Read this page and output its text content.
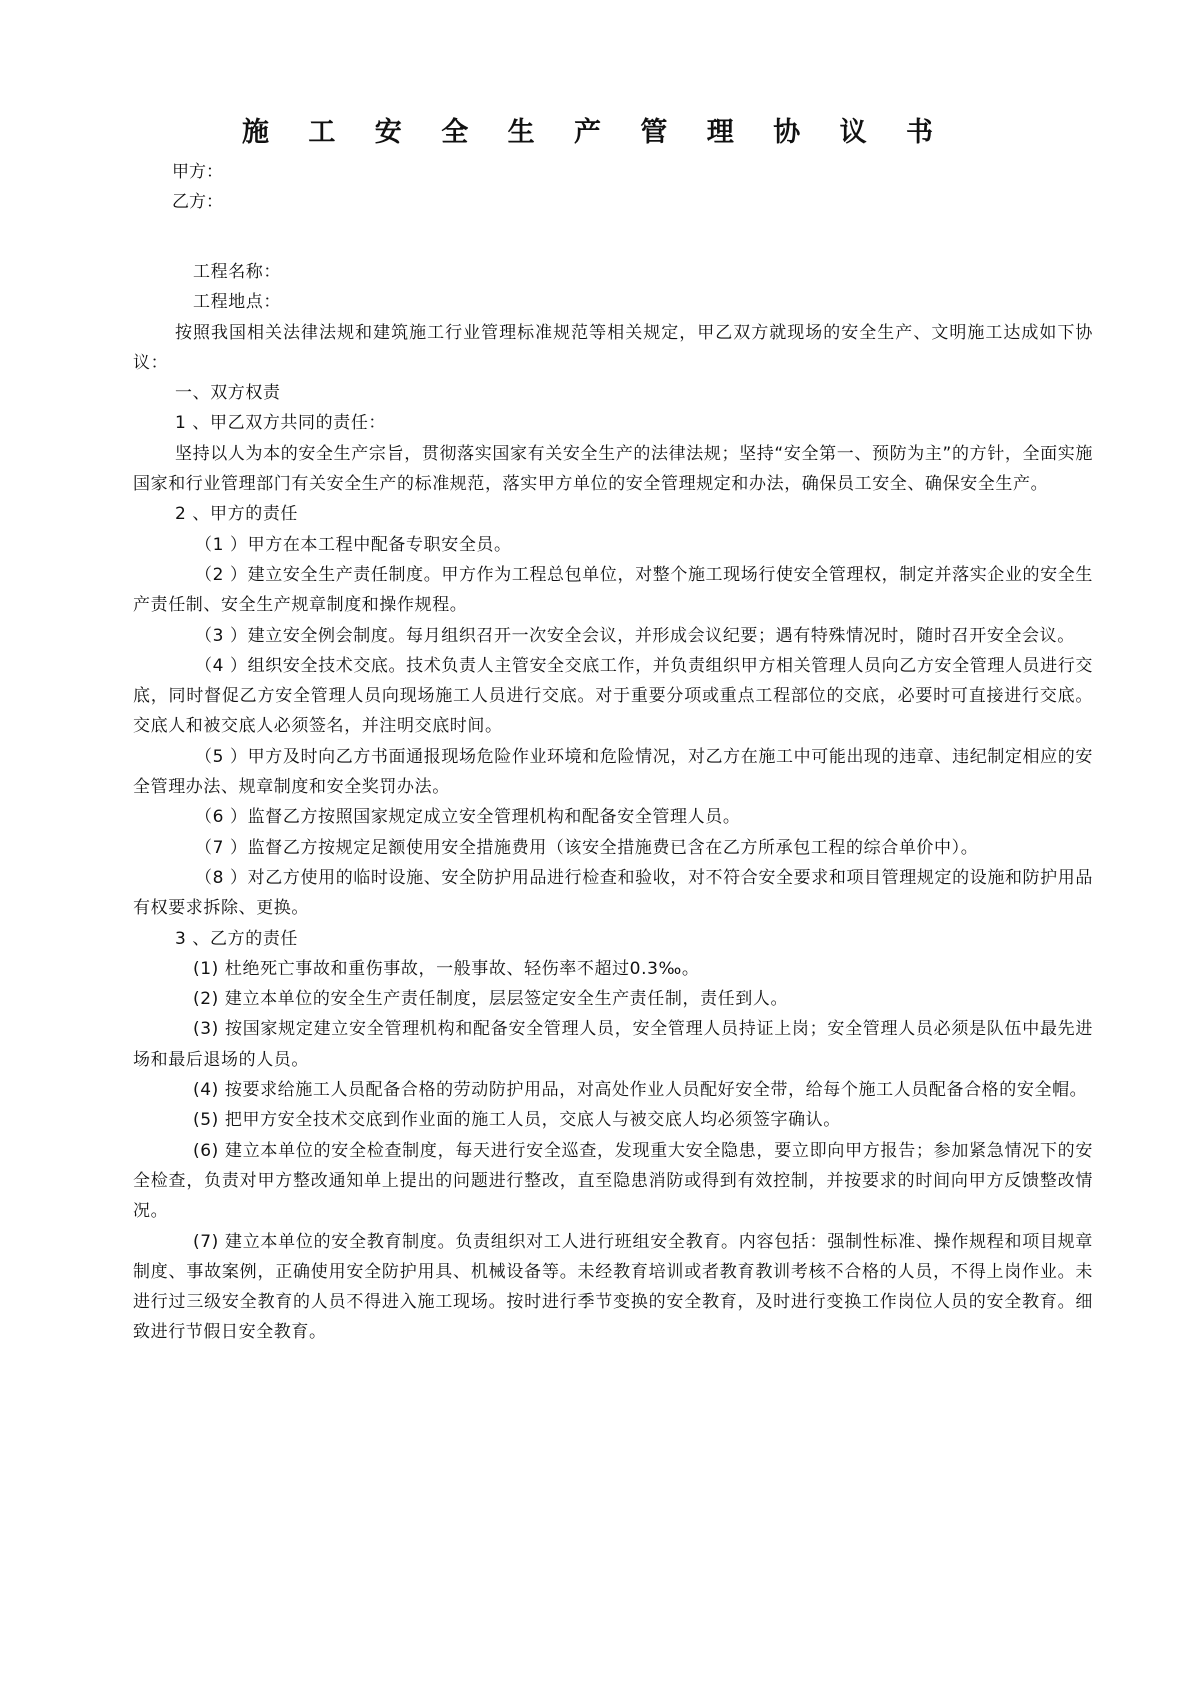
施 工 安 全 生 产 管 理 协 议 书
甲方：
乙方：

工程名称：

工程地点：

按照我国相关法律法规和建筑施工行业管理标准规范等相关规定，甲乙双方就现场的安全生产、文明施工达成如下协议：

一、双方权责

1 、甲乙双方共同的责任：

坚持以人为本的安全生产宗旨，贯彻落实国家有关安全生产的法律法规；坚持“安全第一、预防为主”的方针，全面实施国家和行业管理部门有关安全生产的标准规范，落实甲方单位的安全管理规定和办法，确保员工安全、确保安全生产。

2 、甲方的责任

（1 ）甲方在本工程中配备专职安全员。

（2 ）建立安全生产责任制度。甲方作为工程总包单位，对整个施工现场行使安全管理权，制定并落实企业的安全生产责任制、安全生产规章制度和操作规程。

（3 ）建立安全例会制度。每月组织召开一次安全会议，并形成会议纪要；遇有特殊情况时，随时召开安全会议。

（4 ）组织安全技术交底。技术负责人主管安全交底工作，并负责组织甲方相关管理人员向乙方安全管理人员进行交底，同时督促乙方安全管理人员向现场施工人员进行交底。对于重要分项或重点工程部位的交底，必要时可直接进行交底。交底人和被交底人必须签名，并注明交底时间。

（5 ）甲方及时向乙方书面通报现场危险作业环境和危险情况，对乙方在施工中可能出现的违章、违纪制定相应的安全管理办法、规章制度和安全奖罚办法。

（6 ）监督乙方按照国家规定成立安全管理机构和配备安全管理人员。

（7 ）监督乙方按规定足额使用安全措施费用（该安全措施费已含在乙方所承包工程的综合单价中）。

（8 ）对乙方使用的临时设施、安全防护用品进行检查和验收，对不符合安全要求和项目管理规定的设施和防护用品有权要求拆除、更换。

3 、乙方的责任

(1) 杜绝死亡事故和重伤事故，一般事故、轻伤率不超过0.3‰。

(2) 建立本单位的安全生产责任制度，层层签定安全生产责任制，责任到人。

(3) 按国家规定建立安全管理机构和配备安全管理人员，安全管理人员持证上岗；安全管理人员必须是队伍中最先进场和最后退场的人员。

(4) 按要求给施工人员配备合格的劳动防护用品，对高处作业人员配好安全带，给每个施工人员配备合格的安全帽。

(5) 把甲方安全技术交底到作业面的施工人员，交底人与被交底人均必须签字确认。

(6) 建立本单位的安全检查制度，每天进行安全巡查，发现重大安全隐患，要立即向甲方报告；参加紧急情况下的安全检查，负责对甲方整改通知单上提出的问题进行整改，直至隐患消防或得到有效控制，并按要求的时间向甲方反馈整改情况。

(7) 建立本单位的安全教育制度。负责组织对工人进行班组安全教育。内容包括：强制性标准、操作规程和项目规章制度、事故案例，正确使用安全防护用具、机械设备等。未经教育培训或者教育教训考核不合格的人员，不得上岗作业。未进行过三级安全教育的人员不得进入施工现场。按时进行季节变换的安全教育，及时进行变换工作岗位人员的安全教育。细致进行节假日安全教育。
